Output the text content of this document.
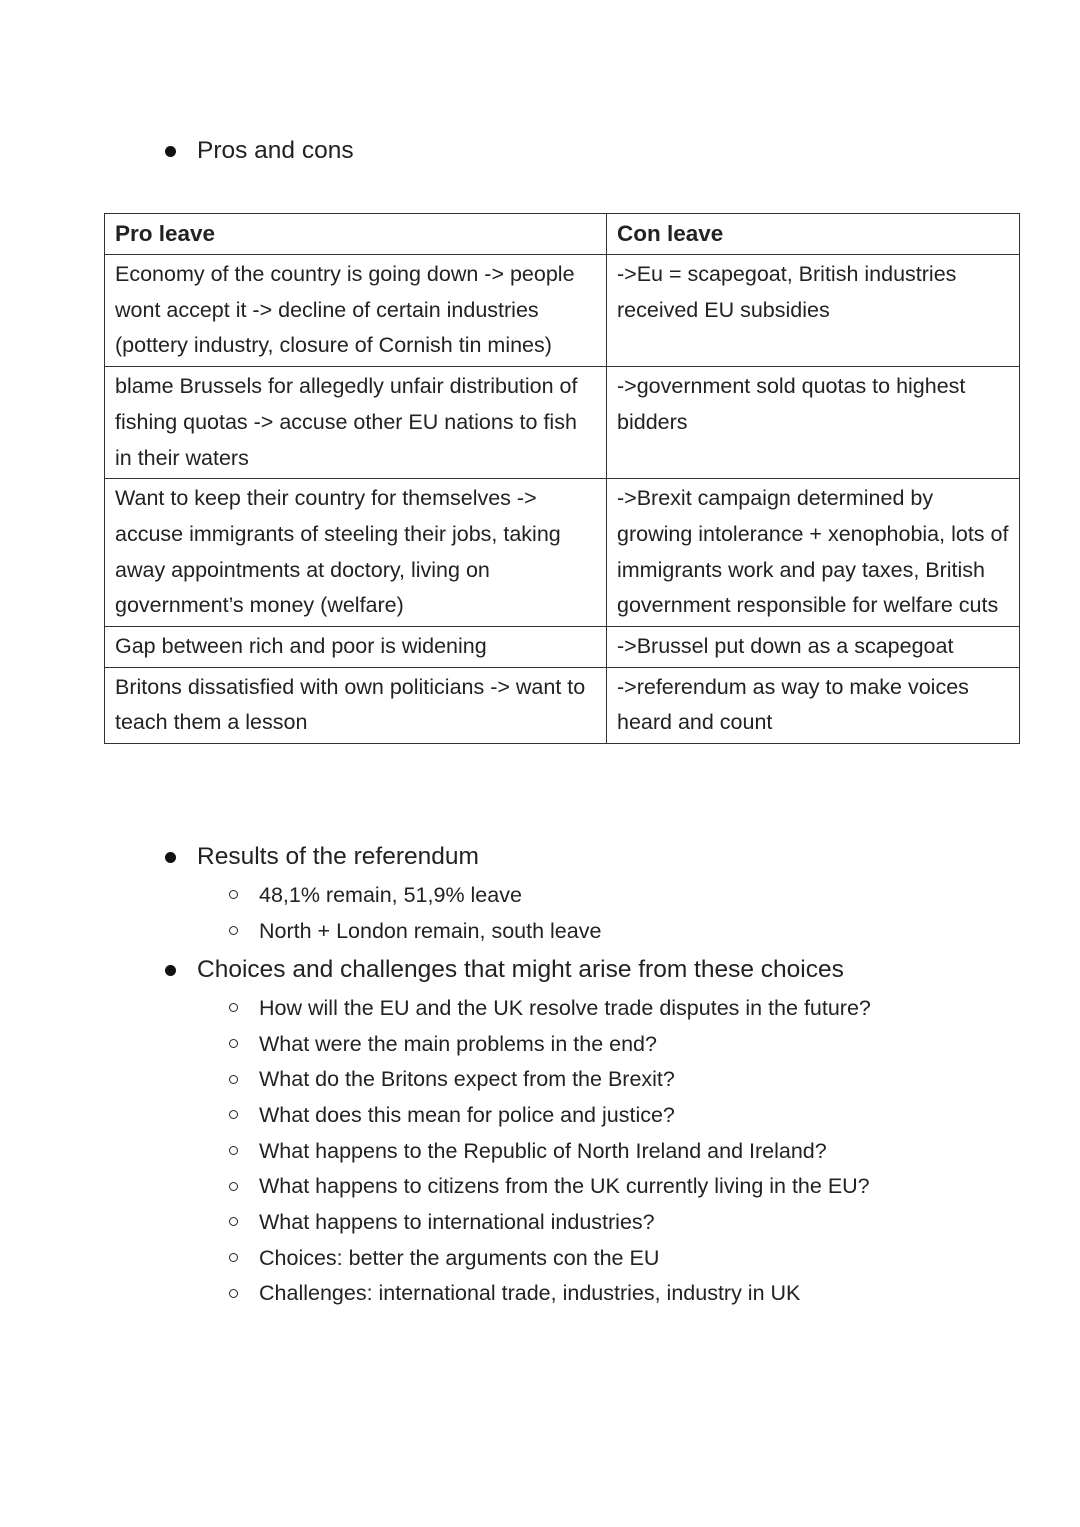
Pros and cons
Pro leave	Con leave
Economy of the country is going down -> people wont accept it -> decline of certain industries (pottery industry, closure of Cornish tin mines)	->Eu = scapegoat, British industries received EU subsidies
blame Brussels for allegedly unfair distribution of fishing quotas -> accuse other EU nations to fish in their waters	->government sold quotas to highest bidders
Want to keep their country for themselves -> accuse immigrants of steeling their jobs, taking away appointments at doctory, living on government’s money (welfare)	->Brexit campaign determined by growing intolerance + xenophobia, lots of immigrants work and pay taxes, British government responsible for welfare cuts
Gap between rich and poor is widening	->Brussel put down as a scapegoat
Britons dissatisfied with own politicians -> want to teach them a lesson	->referendum as way to make voices heard and count
Results of the referendum
48,1% remain, 51,9% leave
North + London remain, south leave
Choices and challenges that might arise from these choices
How will the EU and the UK resolve trade disputes in the future?
What were the main problems in the end?
What do the Britons expect from the Brexit?
What does this mean for police and justice?
What happens to the Republic of North Ireland and Ireland?
What happens to citizens from the UK currently living in the EU?
What happens to international industries?
Choices: better the arguments con the EU
Challenges: international trade, industries, industry in UK
